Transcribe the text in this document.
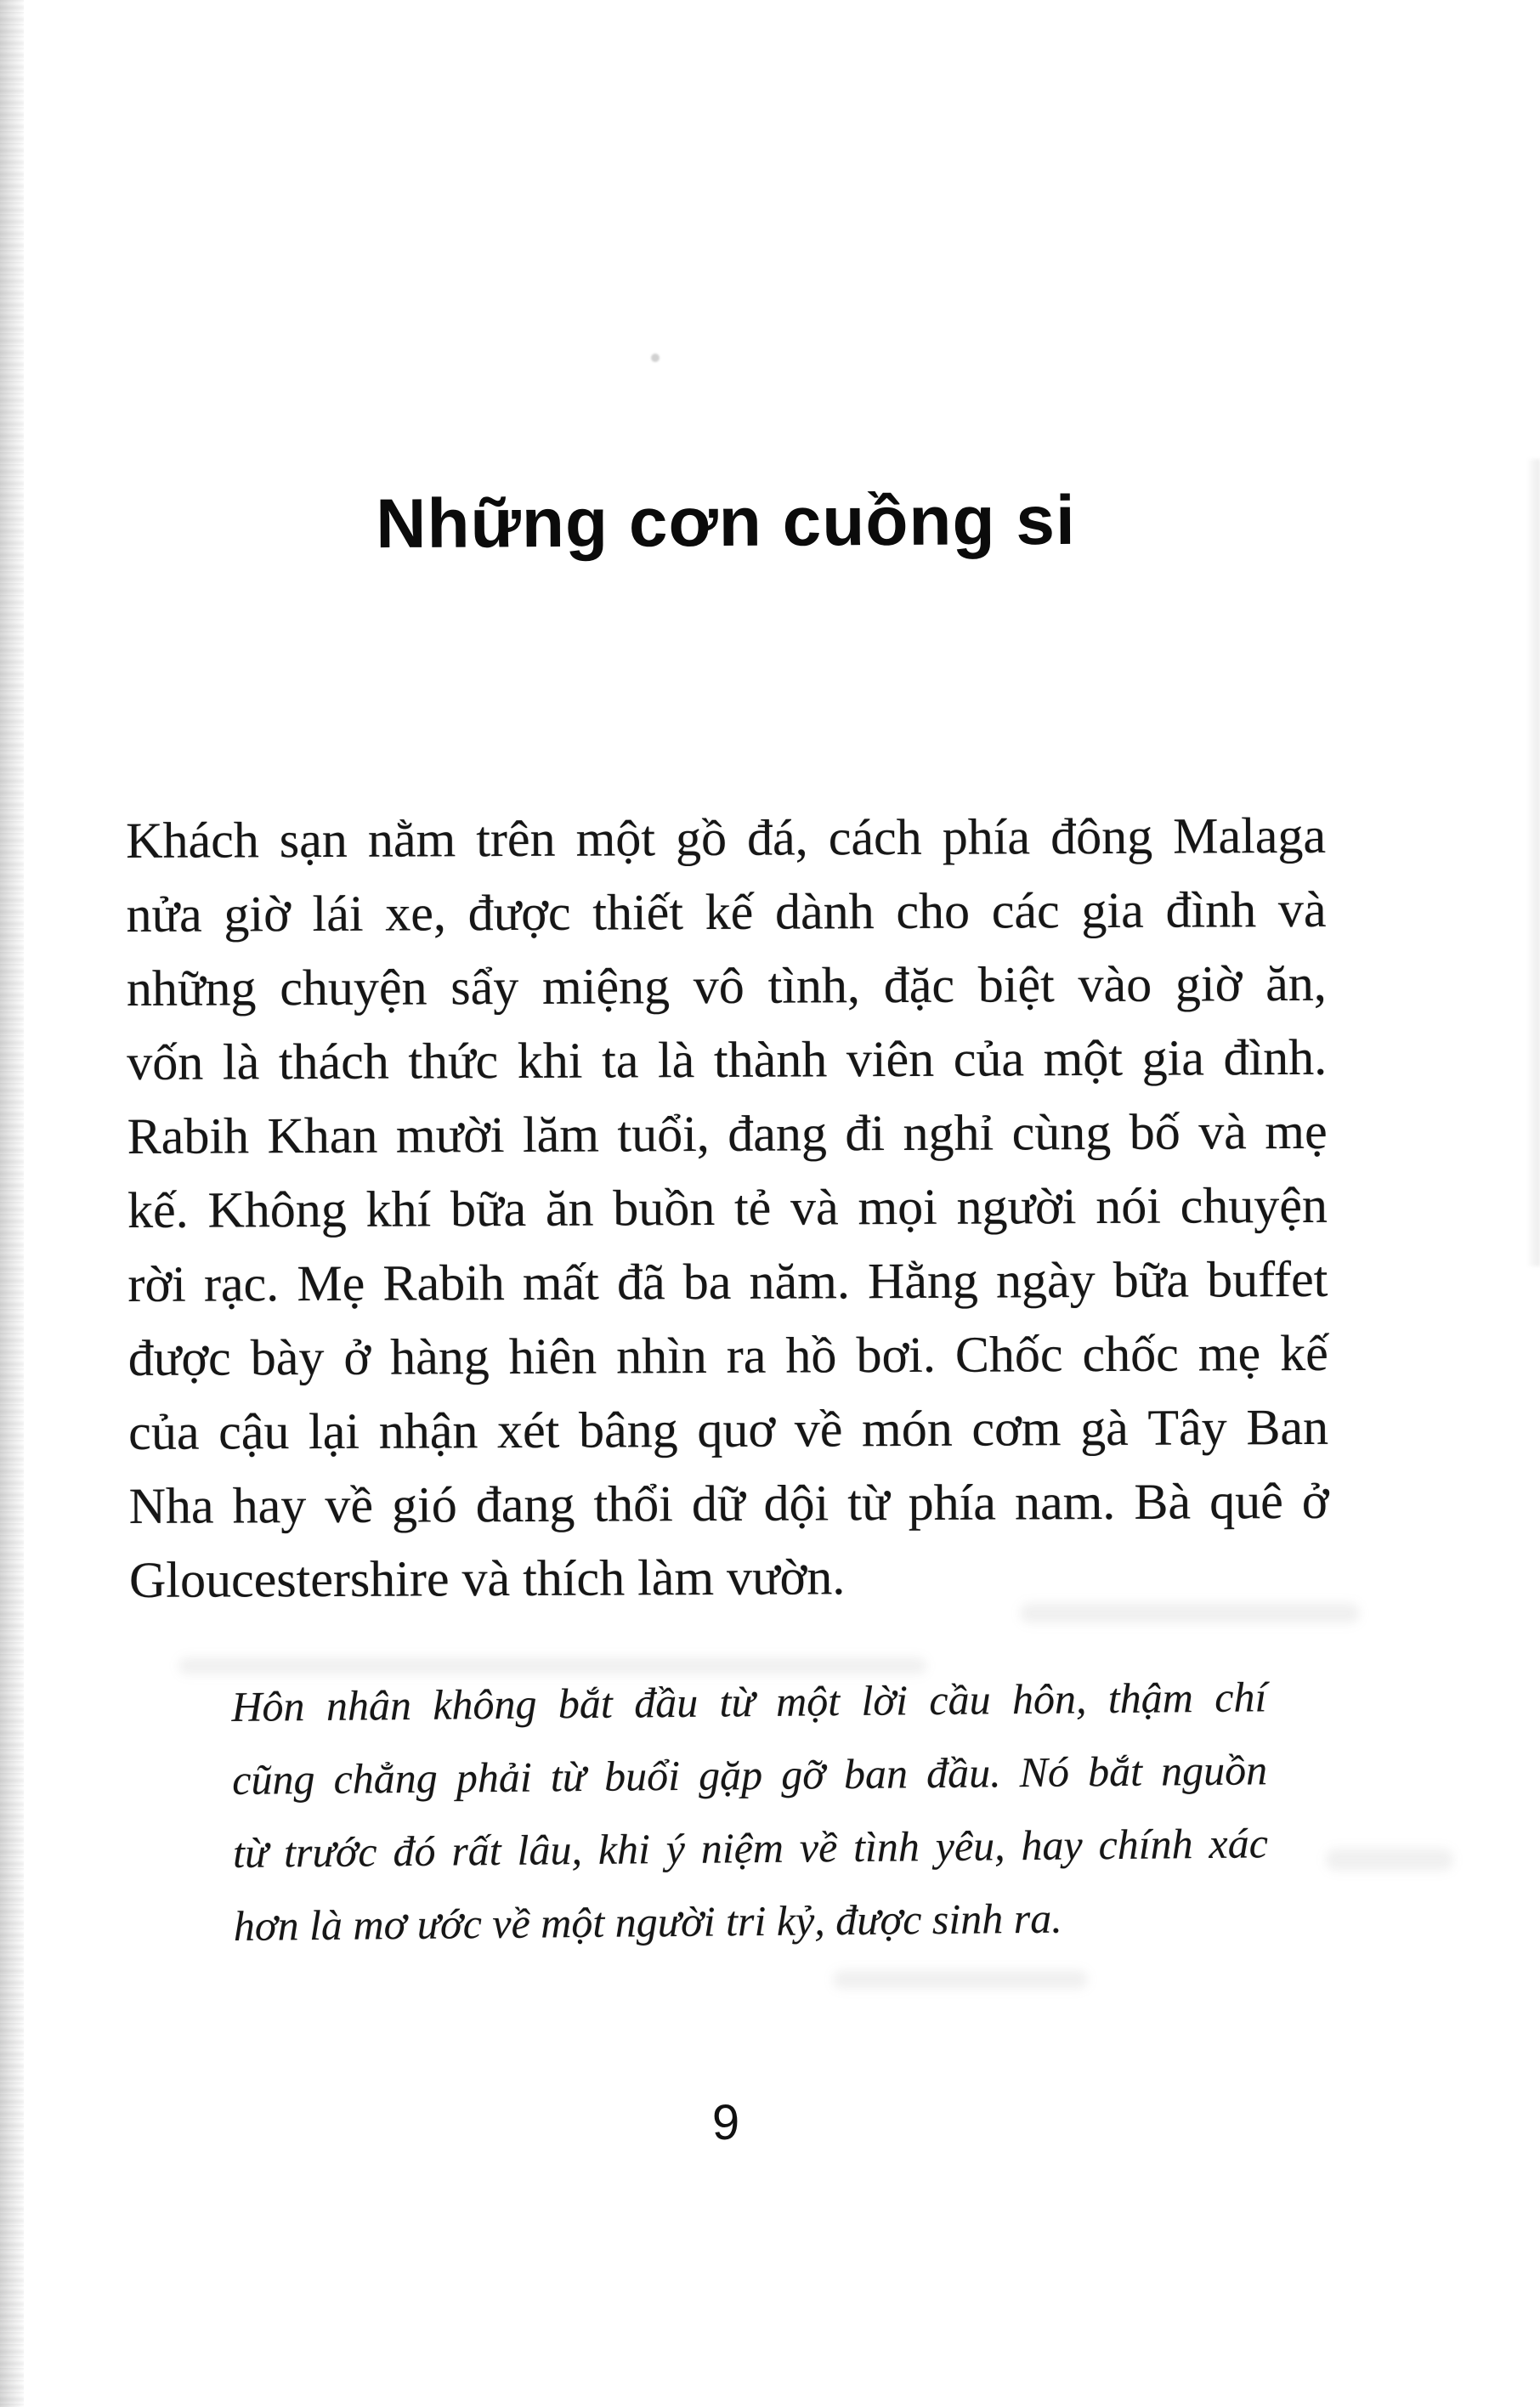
Những cơn cuồng si
Khách sạn nằm trên một gồ đá, cách phía đông Malaga
nửa giờ lái xe, được thiết kế dành cho các gia đình và
những chuyện sẩy miệng vô tình, đặc biệt vào giờ ăn,
vốn là thách thức khi ta là thành viên của một gia đình.
Rabih Khan mười lăm tuổi, đang đi nghỉ cùng bố và mẹ
kế. Không khí bữa ăn buồn tẻ và mọi người nói chuyện
rời rạc. Mẹ Rabih mất đã ba năm. Hằng ngày bữa buffet
được bày ở hàng hiên nhìn ra hồ bơi. Chốc chốc mẹ kế
của cậu lại nhận xét bâng quơ về món cơm gà Tây Ban
Nha hay về gió đang thổi dữ dội từ phía nam. Bà quê ở
Gloucestershire và thích làm vườn.
Hôn nhân không bắt đầu từ một lời cầu hôn, thậm chí
cũng chẳng phải từ buổi gặp gỡ ban đầu. Nó bắt nguồn
từ trước đó rất lâu, khi ý niệm về tình yêu, hay chính xác
hơn là mơ ước về một người tri kỷ, được sinh ra.
9
